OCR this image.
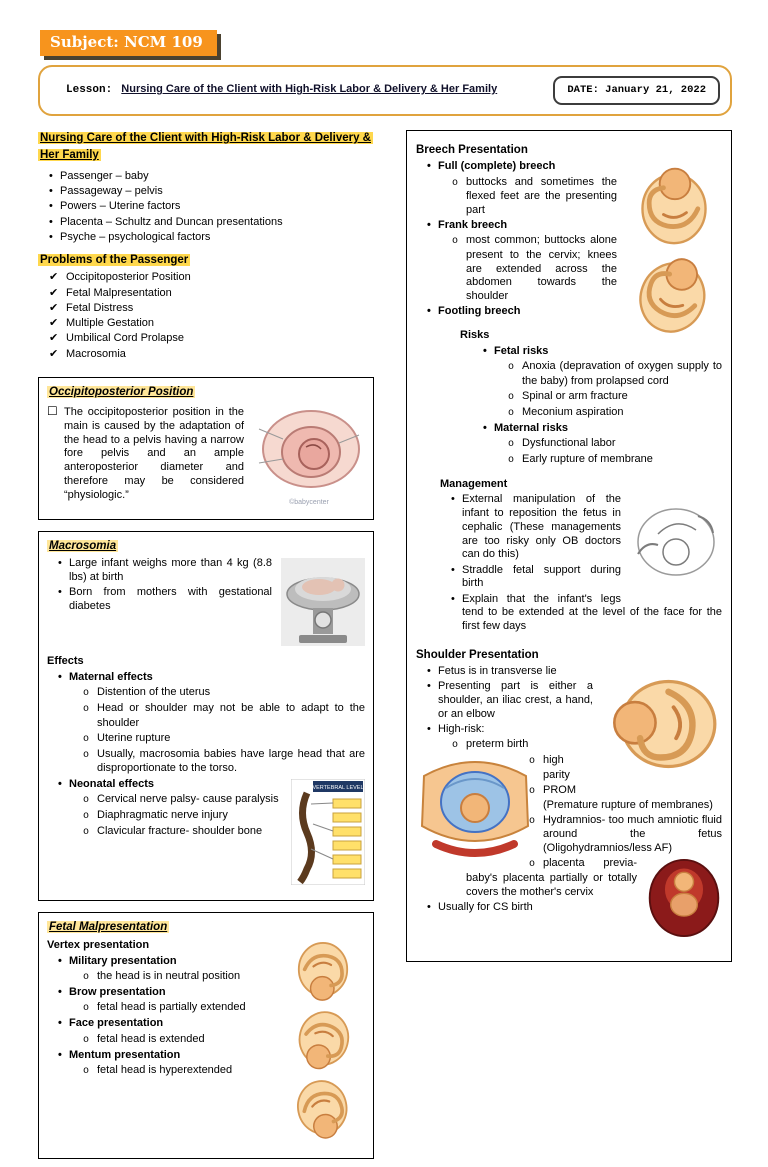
Subject: NCM 109
Lesson: Nursing Care of the Client with High-Risk Labor & Delivery & Her Family	DATE: January 21, 2022
Nursing Care of the Client with High-Risk Labor & Delivery & Her Family
• Passenger – baby
• Passageway – pelvis
• Powers – Uterine factors
• Placenta – Schultz and Duncan presentations
• Psyche – psychological factors
Problems of the Passenger
✔ Occipitoposterior Position
✔ Fetal Malpresentation
✔ Fetal Distress
✔ Multiple Gestation
✔ Umbilical Cord Prolapse
✔ Macrosomia
Occipitoposterior Position
©babycenter
☐ The occipitoposterior position in the main is caused by the adaptation of the head to a pelvis having a narrow fore pelvis and an ample anteroposterior diameter and therefore may be considered “physiologic.”
Macrosomia
• Large infant weighs more than 4 kg (8.8 lbs) at birth
• Born from mothers with gestational diabetes
Effects
• Maternal effects
o Distention of the uterus
o Head or shoulder may not be able to adapt to the shoulder
o Uterine rupture
o Usually, macrosomia babies have large head that are disproportionate to the torso.
VERTEBRAL LEVEL
• Neonatal effects
o Cervical nerve palsy- cause paralysis
o Diaphragmatic nerve injury
o Clavicular fracture- shoulder bone
Fetal Malpresentation
Vertex presentation
• Military presentation
o the head is in neutral position
• Brow presentation
o fetal head is partially extended
• Face presentation
o fetal head is extended
• Mentum presentation
o fetal head is hyperextended
Breech Presentation
• Full (complete) breech
o buttocks and sometimes the flexed feet are the presenting part
• Frank breech
o most common; buttocks alone present to the cervix; knees are extended across the abdomen towards the shoulder
• Footling breech
Risks
• Fetal risks
o Anoxia (depravation of oxygen supply to the baby) from prolapsed cord
o Spinal or arm fracture
o Meconium aspiration
• Maternal risks
o Dysfunctional labor
o Early rupture of membrane
Management
• External manipulation of the infant to reposition the fetus in cephalic (These managements are too risky only OB doctors can do this)
• Straddle fetal support during birth
• Explain that the infant's legs tend to be extended at the level of the face for the first few days
Shoulder Presentation
• Fetus is in transverse lie
• Presenting part is either a shoulder, an iliac crest, a hand, or an elbow
• High-risk:
o preterm birth
o high parity
o PROM (Premature rupture of membranes)
o Hydramnios- too much amniotic fluid around the fetus (Oligohydramnios/less AF)
o placenta previa- baby's placenta partially or totally covers the mother's cervix
• Usually for CS birth
